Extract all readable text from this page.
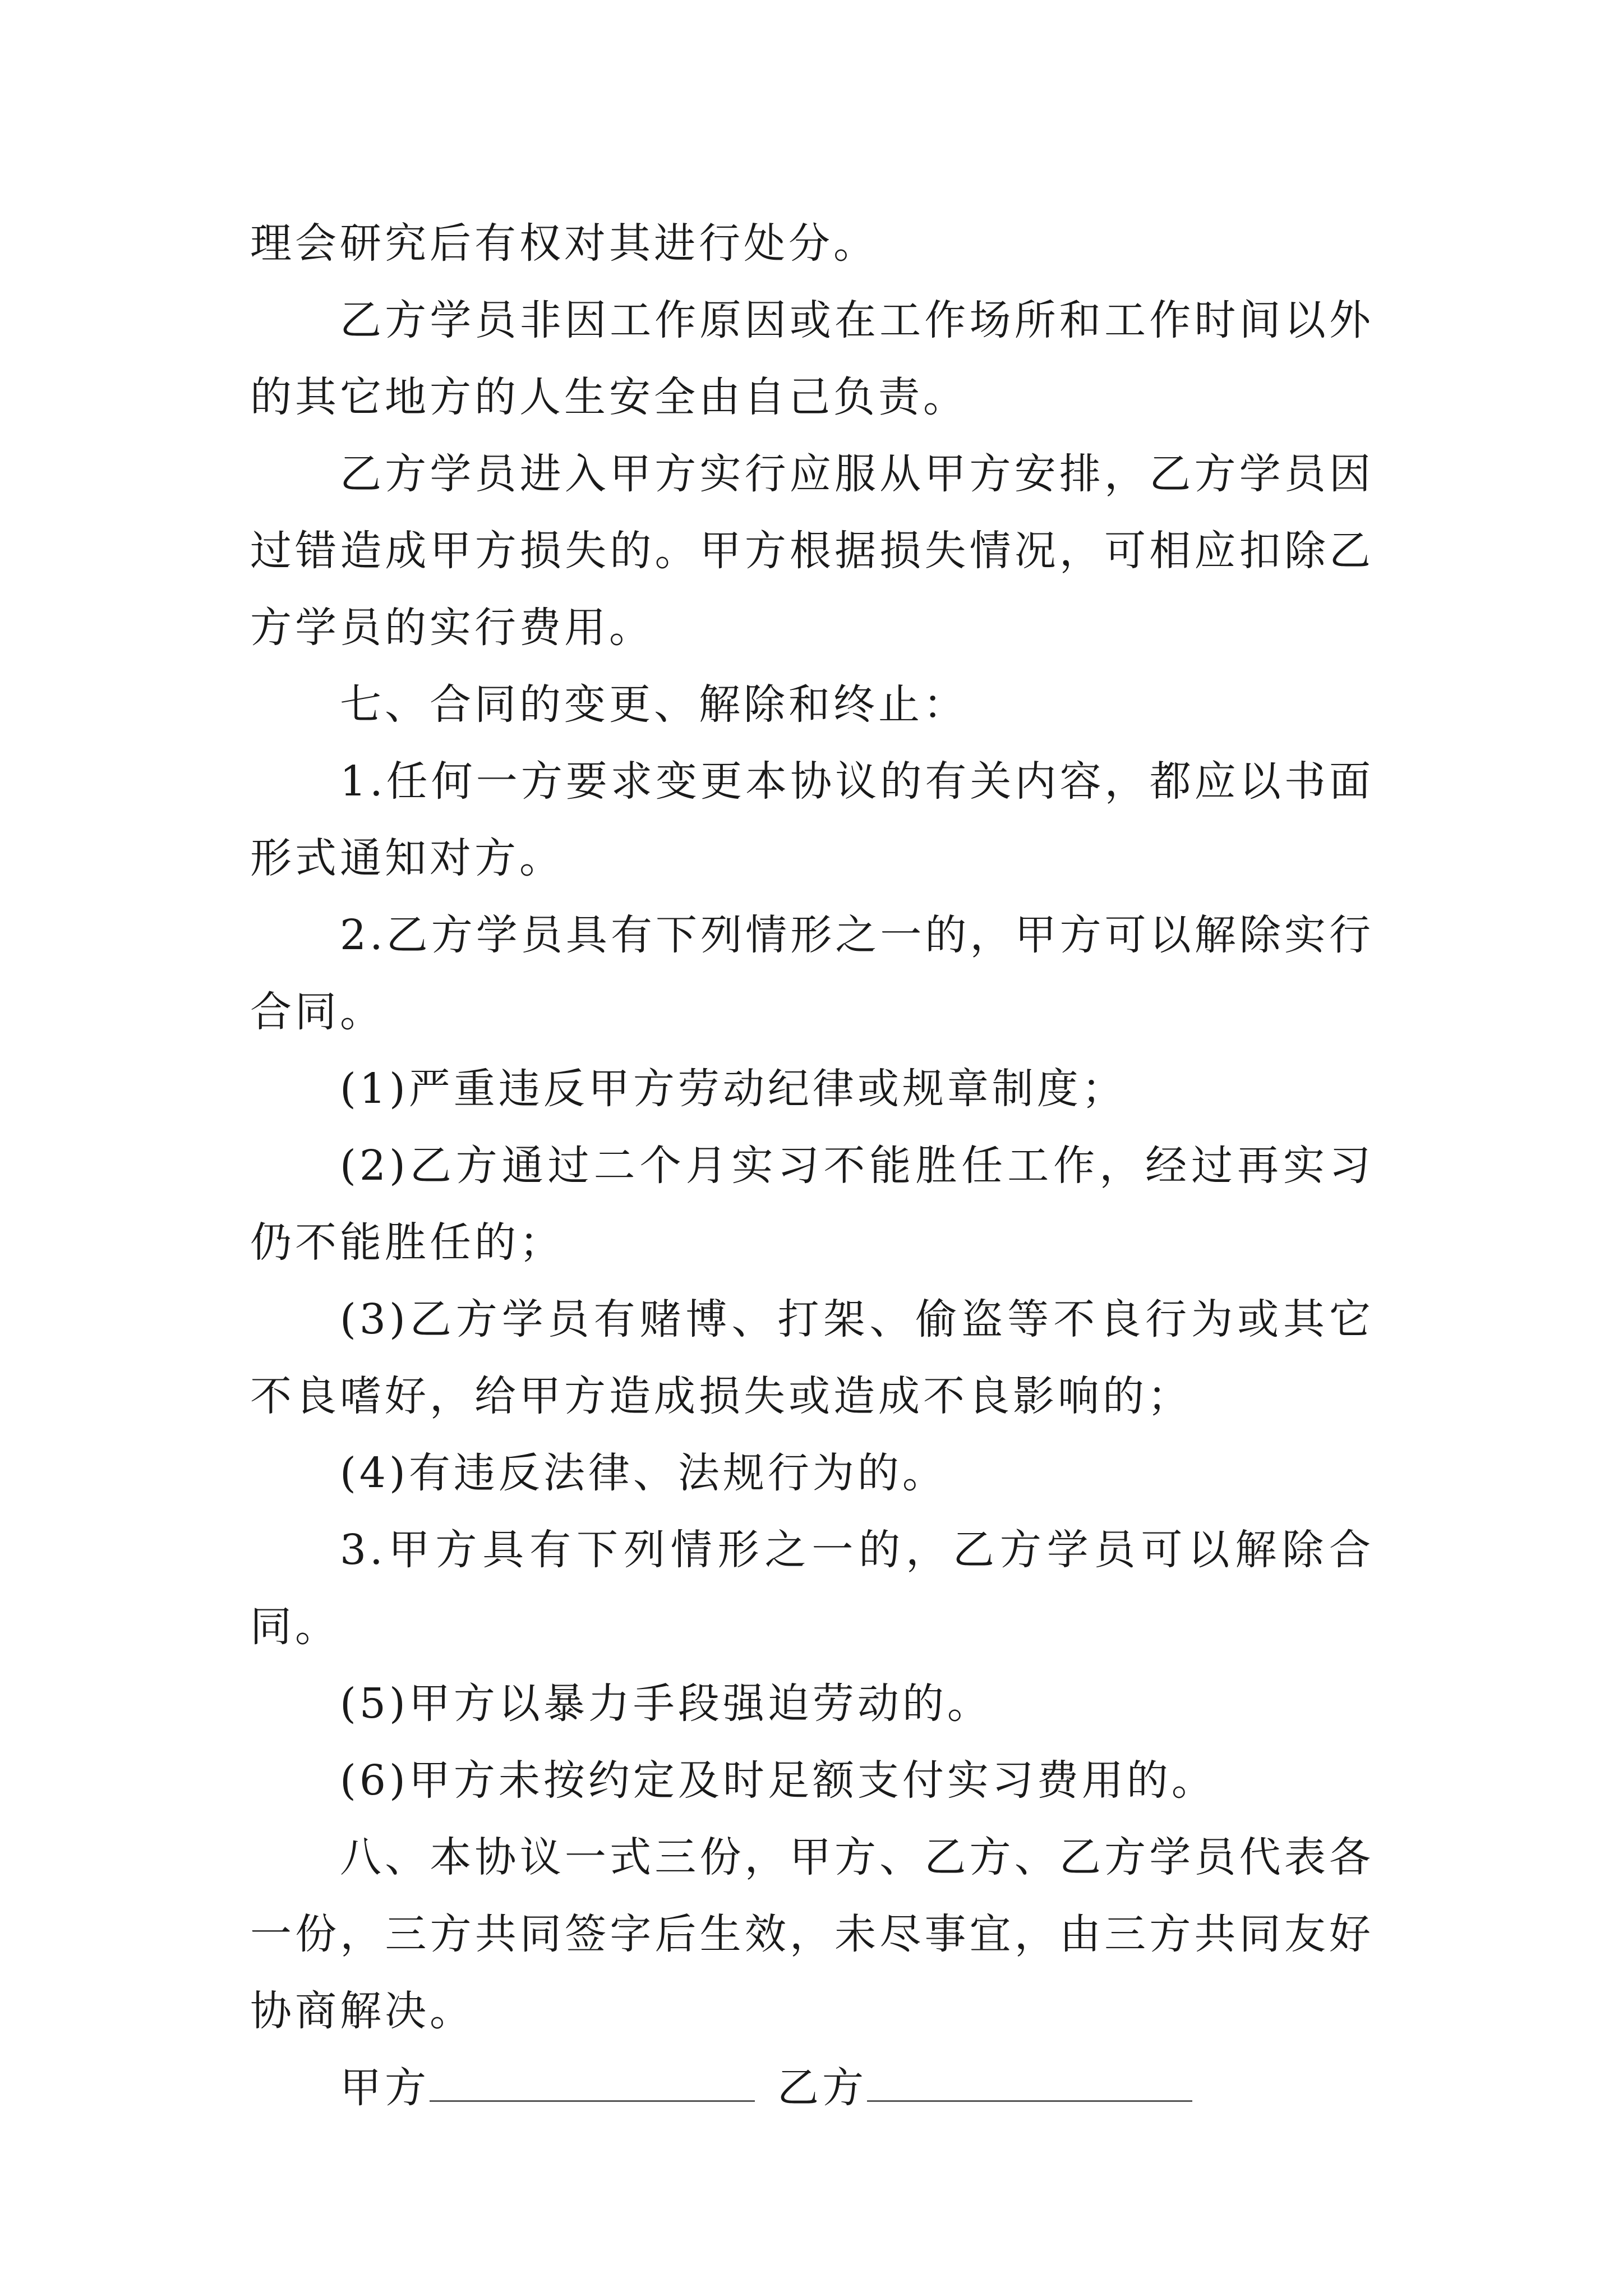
理会研究后有权对其进行处分。

乙方学员非因工作原因或在工作场所和工作时间以外的其它地方的人生安全由自己负责。

乙方学员进入甲方实行应服从甲方安排，乙方学员因过错造成甲方损失的。甲方根据损失情况，可相应扣除乙方学员的实行费用。

七、合同的变更、解除和终止：

1.任何一方要求变更本协议的有关内容，都应以书面形式通知对方。

2.乙方学员具有下列情形之一的，甲方可以解除实行合同。

(1)严重违反甲方劳动纪律或规章制度；

(2)乙方通过二个月实习不能胜任工作，经过再实习仍不能胜任的；

(3)乙方学员有赌博、打架、偷盗等不良行为或其它不良嗜好，给甲方造成损失或造成不良影响的；

(4)有违反法律、法规行为的。

3.甲方具有下列情形之一的，乙方学员可以解除合同。

(5)甲方以暴力手段强迫劳动的。

(6)甲方未按约定及时足额支付实习费用的。

八、本协议一式三份，甲方、乙方、乙方学员代表各一份，三方共同签字后生效，未尽事宜，由三方共同友好协商解决。

甲方	乙方
